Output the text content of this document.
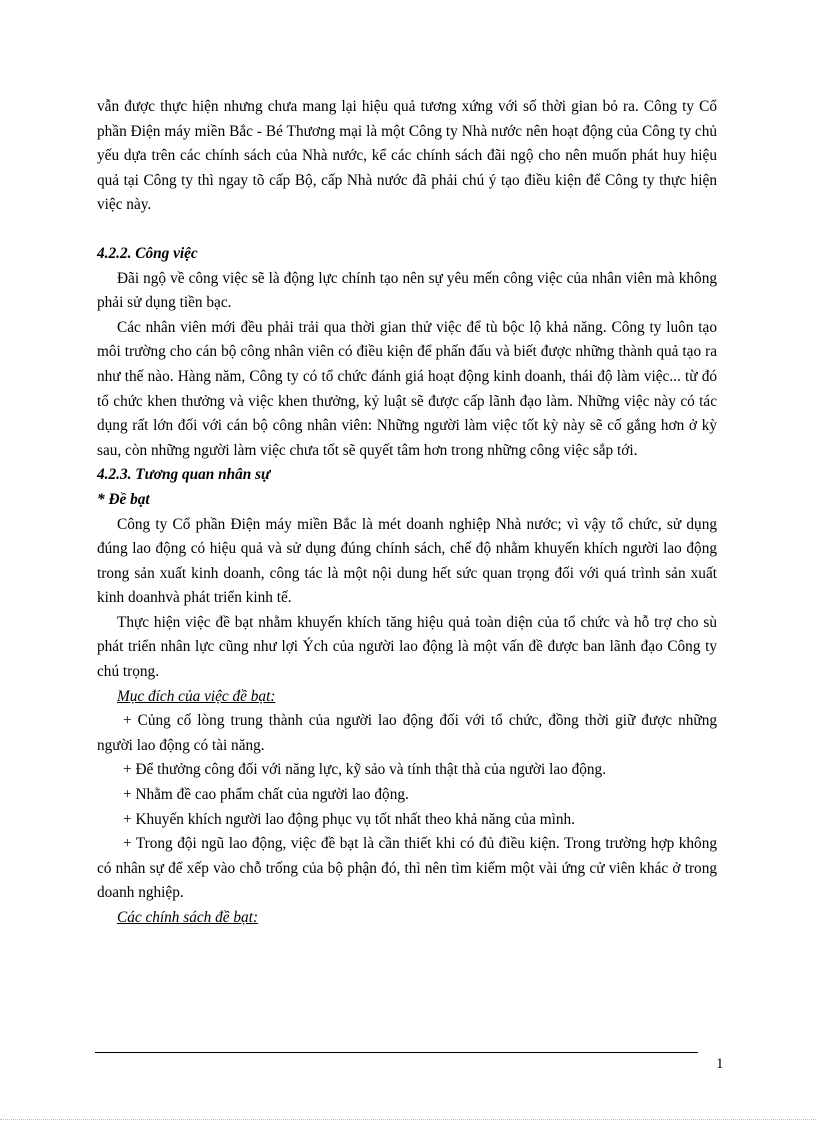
vẫn được thực hiện nhưng chưa mang lại hiệu quả tương xứng với số thời gian bỏ ra. Công ty Cổ phần Điện máy miền Bắc - Bé Thương mại là một Công ty Nhà nước nên hoạt động của Công ty chủ yếu dựa trên các chính sách của Nhà nước, kể các chính sách đãi ngộ cho nên muốn phát huy hiệu quả tại Công ty thì ngay tõ cấp Bộ, cấp Nhà nước đã phải chú ý tạo điều kiện để Công ty thực hiện việc này.

4.2.2. Công việc

Đãi ngộ về công việc sẽ là động lực chính tạo nên sự yêu mến công việc của nhân viên mà không phải sử dụng tiền bạc.

Các nhân viên mới đều phải trải qua thời gian thử việc để tù bộc lộ khả năng. Công ty luôn tạo môi trường cho cán bộ công nhân viên có điều kiện để phấn đấu và biết được những thành quả tạo ra như thế nào. Hàng năm, Công ty có tổ chức đánh giá hoạt động kinh doanh, thái độ làm việc... từ đó tổ chức khen thưởng và việc khen thưởng, kỷ luật sẽ được cấp lãnh đạo làm. Những việc này có tác dụng rất lớn đối với cán bộ công nhân viên: Những người làm việc tốt kỳ này sẽ cố gắng hơn ở kỳ sau, còn những người làm việc chưa tốt sẽ quyết tâm hơn trong những công việc sắp tới.

4.2.3. Tương quan nhân sự

* Đề bạt

Công ty Cổ phần Điện máy miền Bắc là mét doanh nghiệp Nhà nước; vì vậy tổ chức, sử dụng đúng lao động có hiệu quả và sử dụng đúng chính sách, chế độ nhằm khuyến khích người lao động trong sản xuất kinh doanh, công tác là một nội dung hết sức quan trọng đối với quá trình sản xuất kinh doanhvà phát triển kinh tế.

Thực hiện việc đề bạt nhằm khuyến khích tăng hiệu quả toàn diện của tổ chức và hỗ trợ cho sù phát triển nhân lực cũng như lợi Ých của người lao động là một vấn đề được ban lãnh đạo Công ty chú trọng.

Mục đích của việc đề bạt:

+ Củng cố lòng trung thành của người lao động đối với tổ chức, đồng thời giữ được những người lao động có tài năng.

+ Để thưởng công đối với năng lực, kỹ sảo và tính thật thà của người lao động.

+ Nhằm đề cao phẩm chất của người lao động.

+ Khuyến khích người lao động phục vụ tốt nhất theo khả năng của mình.

+ Trong đội ngũ lao động, việc đề bạt là cần thiết khi có đủ điều kiện. Trong trường hợp không có nhân sự để xếp vào chỗ trống của bộ phận đó, thì nên tìm kiếm một vài ứng cử viên khác ở trong doanh nghiệp.

Các chính sách đề bạt:

1
